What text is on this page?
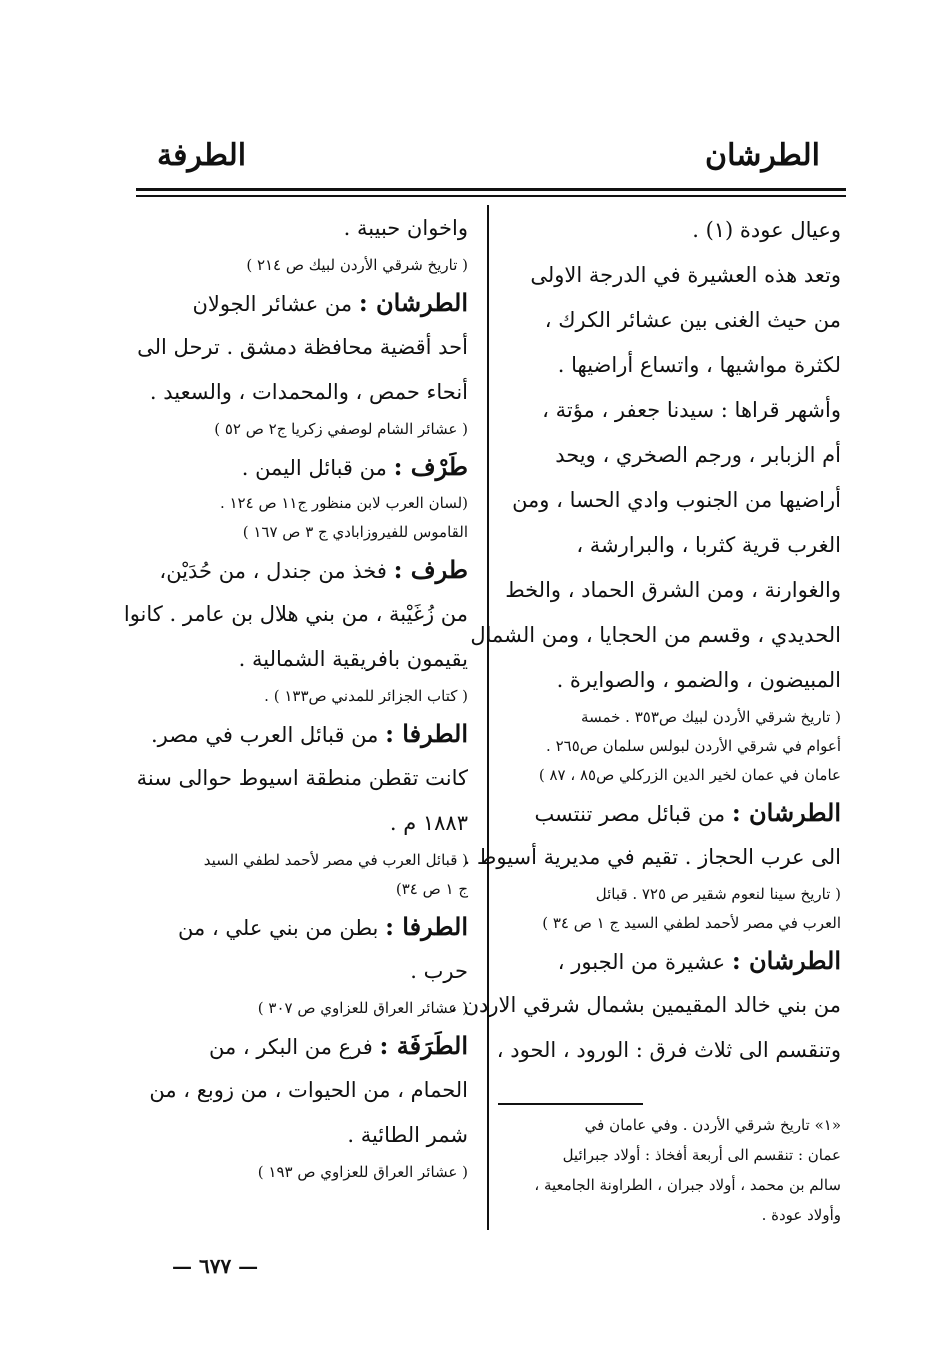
الطرشان
الطرفة
وعيال عودة (١) .
وتعد هذه العشيرة في الدرجة الاولى
من حيث الغنى بين عشائر الكرك ،
لكثرة مواشيها ، واتساع أراضيها .
وأشهر قراها : سيدنا جعفر ، مؤتة ،
أم الزبابر ، ورجم الصخري ، ويحد
أراضيها من الجنوب وادي الحسا ، ومن
الغرب قرية كثربا ، والبرارشة ،
والغوارنة ، ومن الشرق الحماد ، والخط
الحديدي ، وقسم من الحجايا ، ومن الشمال
المبيضون ، والضمو ، والصوايرة .
( تاريخ شرقي الأردن لبيك ص٣٥٣ . خمسة
أعوام في شرقي الأردن لبولس سلمان ص٢٦٥ .
عامان في عمان لخير الدين الزركلي ص٨٥ ، ٨٧ )
الطرشان : من قبائل مصر تنتسب
الى عرب الحجاز . تقيم في مديرية أسيوط .
( تاريخ سينا لنعوم شقير ص ٧٢٥ . قبائل
العرب في مصر لأحمد لطفي السيد ج ١ ص ٣٤ )
الطرشان : عشيرة من الجبور ،
من بني خالد المقيمين بشمال شرقي الاردن ،
وتنقسم الى ثلاث فرق : الورود ، الحود ،
«١» تاريخ شرقي الأردن . وفي عامان في
عمان : تنقسم الى أربعة أفخاذ : أولاد جبرائيل
سالم بن محمد ، أولاد جبران ، الطراونة الجامعية ،
وأولاد عودة .
واخوان حبيبة .
( تاريخ شرقي الأردن لبيك ص ٢١٤ )
الطرشان : من عشائر الجولان
أحد أقضية محافظة دمشق . ترحل الى
أنحاء حمص ، والمحمدات ، والسعيد .
( عشائر الشام لوصفي زكريا ج٢ ص ٥٢ )
طَرْف : من قبائل اليمن .
(لسان العرب لابن منظور ج١١ ص ١٢٤ .
القاموس للفيروزابادي ج ٣ ص ١٦٧ )
طرف : فخذ من جندل ، من حُدَيْن،
من زُغَيْبة ، من بني هلال بن عامر . كانوا
يقيمون بافريقية الشمالية .
( كتاب الجزائر للمدني ص١٣٣ ) .
الطرفا : من قبائل العرب في مصر.
كانت تقطن منطقة اسيوط حوالى سنة
١٨٨٣ م .
( قبائل العرب في مصر لأحمد لطفي السيد
ج ١ ص ٣٤)
الطرفا : بطن من بني علي ، من
حرب .
( عشائر العراق للعزاوي ص ٣٠٧ )
الطَرَفَة : فرع من البكر ، من
الحمام ، من الحيوات ، من زوبع ، من
شمر الطائية .
( عشائر العراق للعزاوي ص ١٩٣ )
— ٦٧٧ —
